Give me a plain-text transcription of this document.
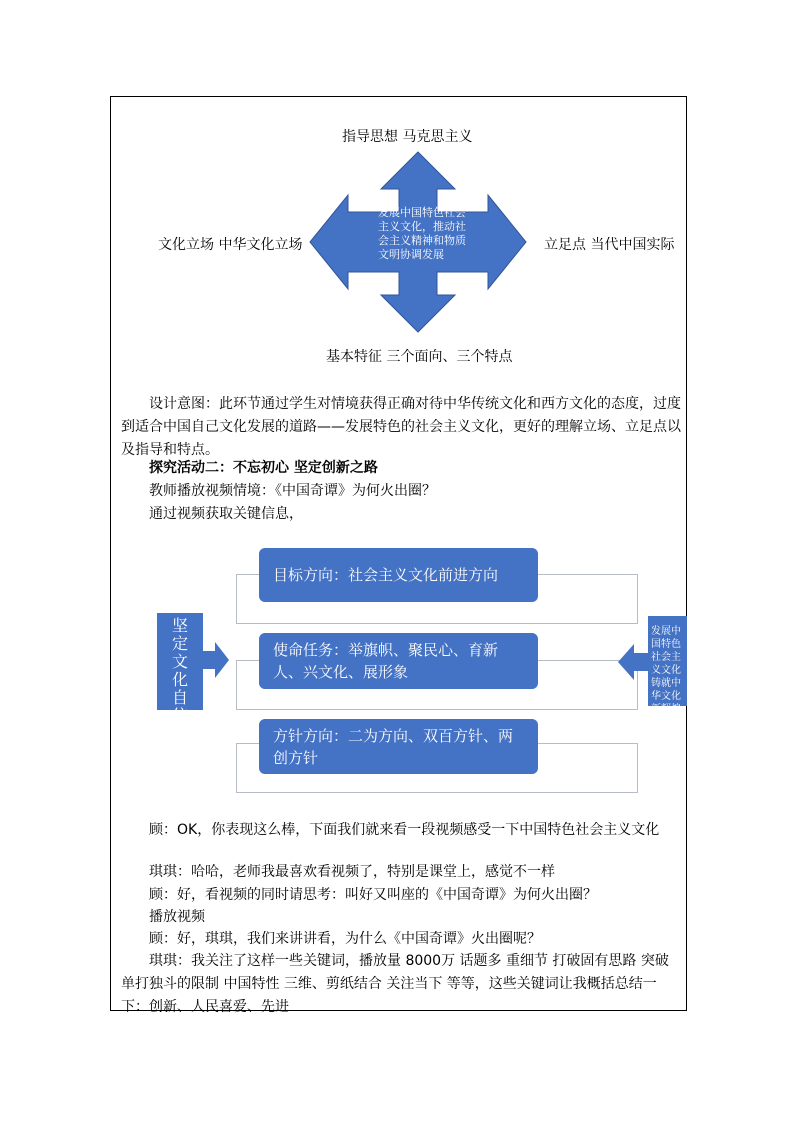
指导思想 马克思主义
发展中国特色社会主义文化，推动社会主义精神和物质文明协调发展
文化立场 中华文化立场	立足点 当代中国实际
基本特征 三个面向、三个特点
设计意图：此环节通过学生对情境获得正确对待中华传统文化和西方文化的态度，过度到适合中国自己文化发展的道路——发展特色的社会主义文化，更好的理解立场、立足点以及指导和特点。
探究活动二：不忘初心 坚定创新之路
教师播放视频情境：《中国奇谭》为何火出圈？
通过视频获取关键信息，
目标方向：社会主义文化前进方向
使命任务：举旗帜、聚民心、育新人、兴文化、展形象
方针方向：二为方向、双百方针、两创方针
坚定文化自信
发展中国特色社会主义文化铸就中华文化新辉煌
顾：OK，你表现这么棒，下面我们就来看一段视频感受一下中国特色社会主义文化
琪琪：哈哈，老师我最喜欢看视频了，特别是课堂上，感觉不一样
顾：好，看视频的同时请思考：叫好又叫座的《中国奇谭》为何火出圈？
播放视频
顾：好，琪琪，我们来讲讲看，为什么《中国奇谭》火出圈呢？
琪琪：我关注了这样一些关键词，播放量 8000万 话题多 重细节 打破固有思路 突破单打独斗的限制 中国特性 三维、剪纸结合 关注当下 等等，这些关键词让我概括总结一下：创新、人民喜爱、先进
